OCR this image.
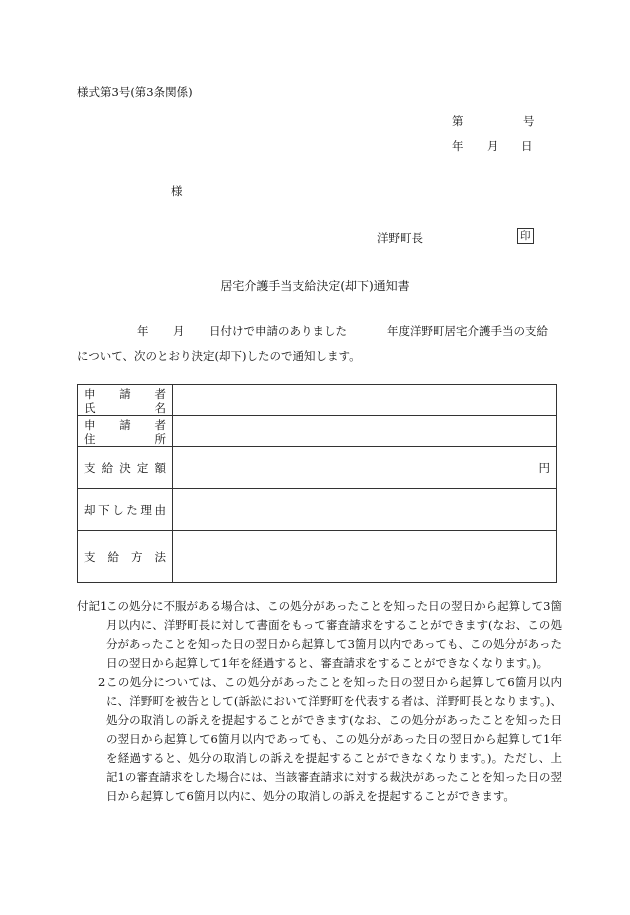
様式第3号(第3条関係)
第	号
年 月 日
様
洋野町長	印
居宅介護手当支給決定(却下)通知書
年 月 日付けで申請のありました	年度洋野町居宅介護手当の支給
について、次のとおり決定(却下)したので通知します。
申請者
氏名	

申請者
住所	

支給決定額	円

却下した理由	

支給方法	

付記1

この処分に不服がある場合は、この処分があったことを知った日の翌日から起算して3箇月以内に、洋野町長に対して書面をもって審査請求をすることができます(なお、この処分があったことを知った日の翌日から起算して3箇月以内であっても、この処分があった日の翌日から起算して1年を経過すると、審査請求をすることができなくなります。)。

2 この処分については、この処分があったことを知った日の翌日から起算して6箇月以内に、洋野町を被告として(訴訟において洋野町を代表する者は、洋野町長となります。)、処分の取消しの訴えを提起することができます(なお、この処分があったことを知った日の翌日から起算して6箇月以内であっても、この処分があった日の翌日から起算して1年を経過すると、処分の取消しの訴えを提起することができなくなります。)。ただし、上記1の審査請求をした場合には、当該審査請求に対する裁決があったことを知った日の翌日から起算して6箇月以内に、処分の取消しの訴えを提起することができます。
